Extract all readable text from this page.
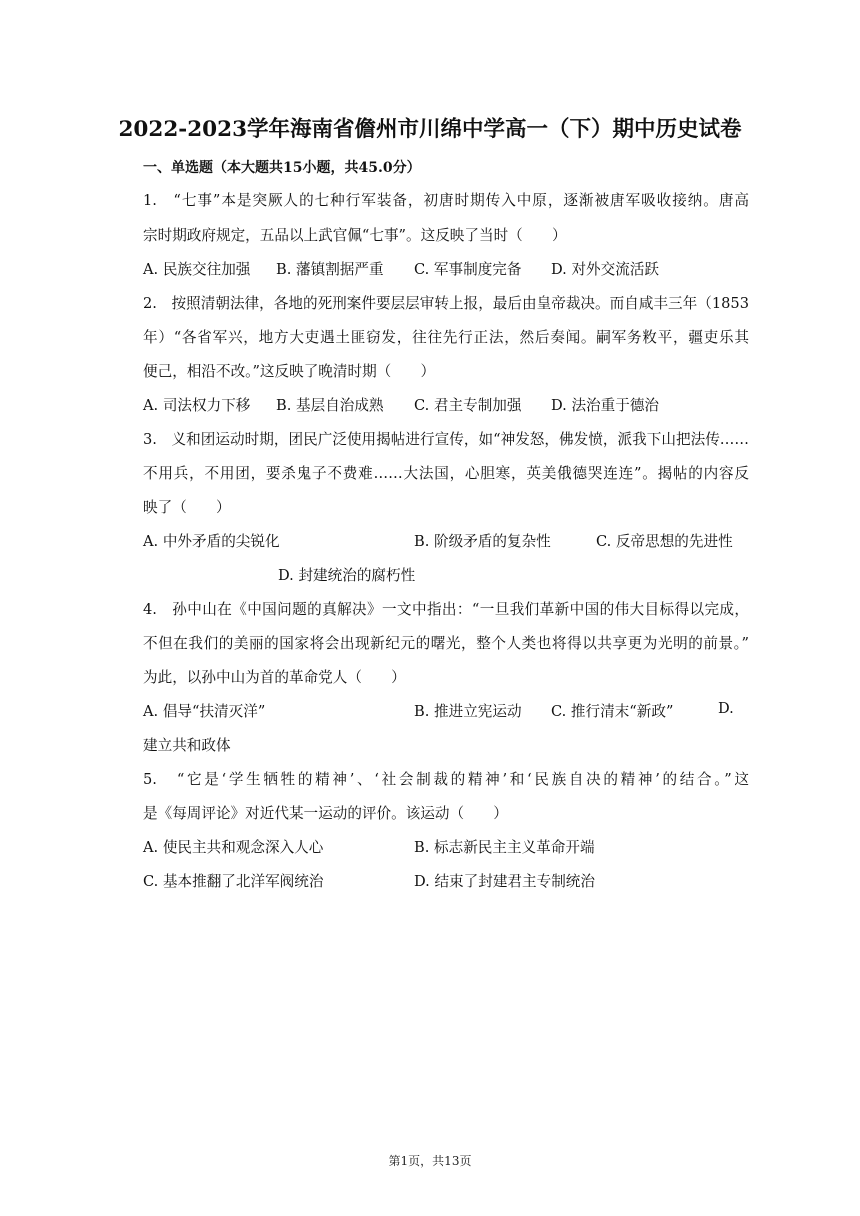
2022-2023学年海南省儋州市川绵中学高一（下）期中历史试卷
一、单选题（本大题共15小题，共45.0分）
1.　“七事”本是突厥人的七种行军装备，初唐时期传入中原，逐渐被唐军吸收接纳。唐高
宗时期政府规定，五品以上武官佩“七事”。这反映了当时（　　）
A. 民族交往加强 B. 藩镇割据严重 C. 军事制度完备 D. 对外交流活跃
2.　按照清朝法律，各地的死刑案件要层层审转上报，最后由皇帝裁决。而自咸丰三年（1853
年）“各省军兴，地方大吏遇土匪窃发，往往先行正法，然后奏闻。嗣军务敉平，疆吏乐其
便己，相沿不改。”这反映了晚清时期（　　）
A. 司法权力下移 B. 基层自治成熟 C. 君主专制加强 D. 法治重于德治
3.　义和团运动时期，团民广泛使用揭帖进行宣传，如“神发怒，佛发愤，派我下山把法传……
不用兵，不用团，要杀鬼子不费难……大法国，心胆寒，英美俄德哭连连”。揭帖的内容反
映了（　　）
A. 中外矛盾的尖锐化	B. 阶级矛盾的复杂性	C. 反帝思想的先进性
D. 封建统治的腐朽性
4.　孙中山在《中国问题的真解决》一文中指出：“一旦我们革新中国的伟大目标得以完成，
不但在我们的美丽的国家将会出现新纪元的曙光，整个人类也将得以共享更为光明的前景。”
为此，以孙中山为首的革命党人（　　）
A. 倡导“扶清灭洋”	B. 推进立宪运动 C. 推行清末“新政”	D.
建立共和政体
5.　“它是‘学生牺牲的精神’、‘社会制裁的精神’和‘民族自决的精神’的结合。”这
是《每周评论》对近代某一运动的评价。该运动（　　）
A. 使民主共和观念深入人心	B. 标志新民主主义革命开端
C. 基本推翻了北洋军阀统治	D. 结束了封建君主专制统治
第1页，共13页
